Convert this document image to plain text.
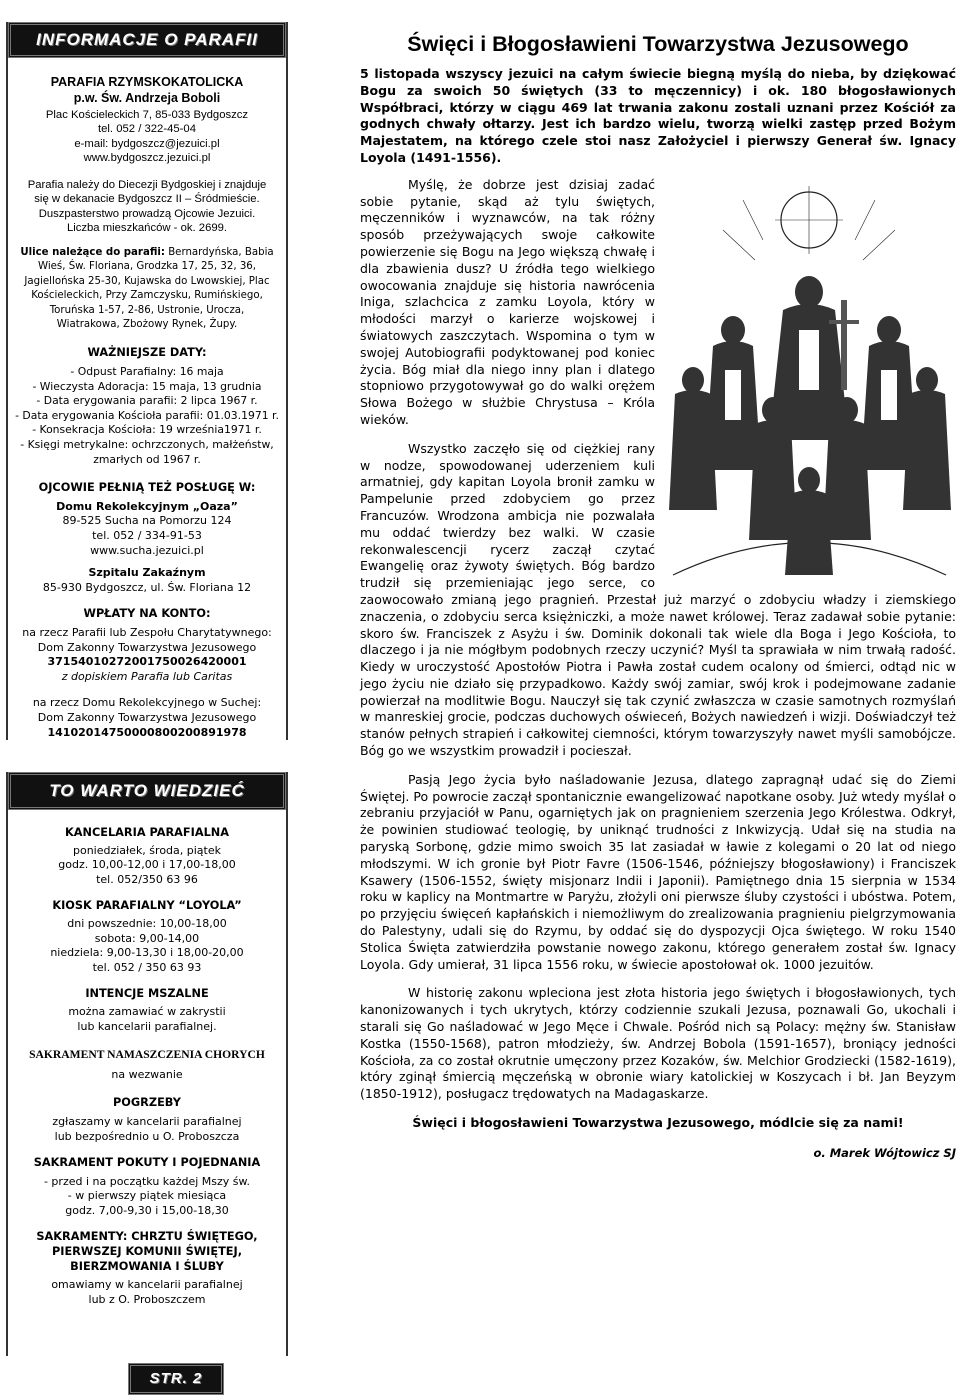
INFORMACJE O PARAFII

PARAFIA RZYMSKOKATOLICKA
p.w. Św. Andrzeja Boboli

Plac Kościeleckich 7, 85-033 Bydgoszcz
tel. 052 / 322-45-04
e-mail: bydgoszcz@jezuici.pl
www.bydgoszcz.jezuici.pl

Parafia należy do Diecezji Bydgoskiej i znajduje
się w dekanacie Bydgoszcz II – Śródmieście.
Duszpasterstwo prowadzą Ojcowie Jezuici.
Liczba mieszkańców - ok. 2699.

Ulice należące do parafii: Bernardyńska, Babia
Wieś, Św. Floriana, Grodzka 17, 25, 32, 36,
Jagiellońska 25-30, Kujawska do Lwowskiej, Plac
Kościeleckich, Przy Zamczysku, Rumińskiego,
Toruńska 1-57, 2-86, Ustronie, Urocza,
Wiatrakowa, Zbożowy Rynek, Żupy.

WAŻNIEJSZE DATY:

- Odpust Parafialny: 16 maja
- Wieczysta Adoracja: 15 maja, 13 grudnia
- Data erygowania parafii: 2 lipca 1967 r.
- Data erygowania Kościoła parafii: 01.03.1971 r.
- Konsekracja Kościoła: 19 września1971 r.
- Księgi metrykalne: ochrzczonych, małżeństw,
zmarłych od 1967 r.

OJCOWIE PEŁNIĄ TEŻ POSŁUGĘ W:

Domu Rekolekcyjnym „Oaza”
89-525 Sucha na Pomorzu 124
tel. 052 / 334-91-53
www.sucha.jezuici.pl

Szpitalu Zakaźnym
85-930 Bydgoszcz, ul. Św. Floriana 12

WPŁATY NA KONTO:

na rzecz Parafii lub Zespołu Charytatywnego:
Dom Zakonny Towarzystwa Jezusowego
37154010272001750026420001
z dopiskiem Parafia lub Caritas

na rzecz Domu Rekolekcyjnego w Suchej:
Dom Zakonny Towarzystwa Jezusowego
14102014750000800200891978

TO WARTO WIEDZIEĆ

KANCELARIA PARAFIALNA

poniedziałek, środa, piątek
godz. 10,00-12,00 i 17,00-18,00
tel. 052/350 63 96

KIOSK PARAFIALNY “LOYOLA”

dni powszednie: 10,00-18,00
sobota: 9,00-14,00
niedziela: 9,00-13,30 i 18,00-20,00
tel. 052 / 350 63 93

INTENCJE MSZALNE

można zamawiać w zakrystii
lub kancelarii parafialnej.

SAKRAMENT NAMASZCZENIA CHORYCH

na wezwanie

POGRZEBY

zgłaszamy w kancelarii parafialnej
lub bezpośrednio u O. Proboszcza

SAKRAMENT POKUTY I POJEDNANIA

- przed i na początku każdej Mszy św.
- w pierwszy piątek miesiąca
godz. 7,00-9,30 i 15,00-18,30

SAKRAMENTY: CHRZTU ŚWIĘTEGO,
PIERWSZEJ KOMUNII ŚWIĘTEJ,
BIERZMOWANIA I ŚLUBY

omawiamy w kancelarii parafialnej
lub z O. Proboszczem

STR. 2
Święci i Błogosławieni Towarzystwa Jezusowego

5 listopada wszyscy jezuici na całym świecie biegną myślą do nieba, by dziękować Bogu za swoich 50 świętych (33 to męczennicy) i ok. 180 błogosławionych Współbraci, którzy w ciągu 469 lat trwania zakonu zostali uznani przez Kościół za godnych chwały ołtarzy. Jest ich bardzo wielu, tworzą wielki zastęp przed Bożym Majestatem, na którego czele stoi nasz Założyciel i pierwszy Generał św. Ignacy Loyola (1491-1556).

Myślę, że dobrze jest dzisiaj zadać sobie pytanie, skąd aż tylu świętych, męczenników i wyznawców, na tak różny sposób przeżywających swoje całkowite powierzenie się Bogu na Jego większą chwałę i dla zbawienia dusz? U źródła tego wielkiego owocowania znajduje się historia nawrócenia Iniga, szlachcica z zamku Loyola, który w młodości marzył o karierze wojskowej i światowych zaszczytach. Wspomina o tym w swojej Autobiografii podyktowanej pod koniec życia. Bóg miał dla niego inny plan i dlatego stopniowo przygotowywał go do walki orężem Słowa Bożego w służbie Chrystusa – Króla wieków.

Wszystko zaczęło się od ciężkiej rany w nodze, spowodowanej uderzeniem kuli armatniej, gdy kapitan Loyola bronił zamku w Pampelunie przed zdobyciem go przez Francuzów. Wrodzona ambicja nie pozwalała mu oddać twierdzy bez walki. W czasie rekonwalescencji rycerz zaczął czytać Ewangelię oraz żywoty świętych. Bóg bardzo trudził się przemieniając jego serce, co zaowocowało zmianą jego pragnień. Przestał już marzyć o zdobyciu władzy i ziemskiego znaczenia, o zdobyciu serca księżniczki, a może nawet królowej. Teraz zadawał sobie pytanie: skoro św. Franciszek z Asyżu i św. Dominik dokonali tak wiele dla Boga i Jego Kościoła, to dlaczego i ja nie mógłbym podobnych rzeczy uczynić? Myśl ta sprawiała w nim trwałą radość. Kiedy w uroczystość Apostołów Piotra i Pawła został cudem ocalony od śmierci, odtąd nic w jego życiu nie działo się przypadkowo. Każdy swój zamiar, swój krok i podejmowane zadanie powierzał na modlitwie Bogu. Nauczył się tak czynić zwłaszcza w czasie samotnych rozmyślań w manreskiej grocie, podczas duchowych oświeceń, Bożych nawiedzeń i wizji. Doświadczył też stanów pełnych strapień i całkowitej ciemności, którym towarzyszyły nawet myśli samobójcze. Bóg go we wszystkim prowadził i pocieszał.

Pasją Jego życia było naśladowanie Jezusa, dlatego zapragnął udać się do Ziemi Świętej. Po powrocie zaczął spontanicznie ewangelizować napotkane osoby. Już wtedy myślał o zebraniu przyjaciół w Panu, ogarniętych jak on pragnieniem szerzenia Jego Królestwa. Odkrył, że powinien studiować teologię, by uniknąć trudności z Inkwizycją. Udał się na studia na paryską Sorbonę, gdzie mimo swoich 35 lat zasiadał w ławie z kolegami o 20 lat od niego młodszymi. W ich gronie był Piotr Favre (1506-1546, późniejszy błogosławiony) i Franciszek Ksawery (1506-1552, święty misjonarz Indii i Japonii). Pamiętnego dnia 15 sierpnia w 1534 roku w kaplicy na Montmartre w Paryżu, złożyli oni pierwsze śluby czystości i ubóstwa. Potem, po przyjęciu święceń kapłańskich i niemożliwym do zrealizowania pragnieniu pielgrzymowania do Palestyny, udali się do Rzymu, by oddać się do dyspozycji Ojca świętego. W roku 1540 Stolica Święta zatwierdziła powstanie nowego zakonu, którego generałem został św. Ignacy Loyola. Gdy umierał, 31 lipca 1556 roku, w świecie apostołował ok. 1000 jezuitów.

W historię zakonu wpleciona jest złota historia jego świętych i błogosławionych, tych kanonizowanych i tych ukrytych, którzy codziennie szukali Jezusa, poznawali Go, ukochali i starali się Go naśladować w Jego Męce i Chwale. Pośród nich są Polacy: mężny św. Stanisław Kostka (1550-1568), patron młodzieży, św. Andrzej Bobola (1591-1657), broniący jedności Kościoła, za co został okrutnie umęczony przez Kozaków, św. Melchior Grodziecki (1582-1619), który zginął śmiercią męczeńską w obronie wiary katolickiej w Koszycach i bł. Jan Beyzym (1850-1912), posługacz trędowatych na Madagaskarze.

Święci i błogosławieni Towarzystwa Jezusowego, módlcie się za nami!

o. Marek Wójtowicz SJ
